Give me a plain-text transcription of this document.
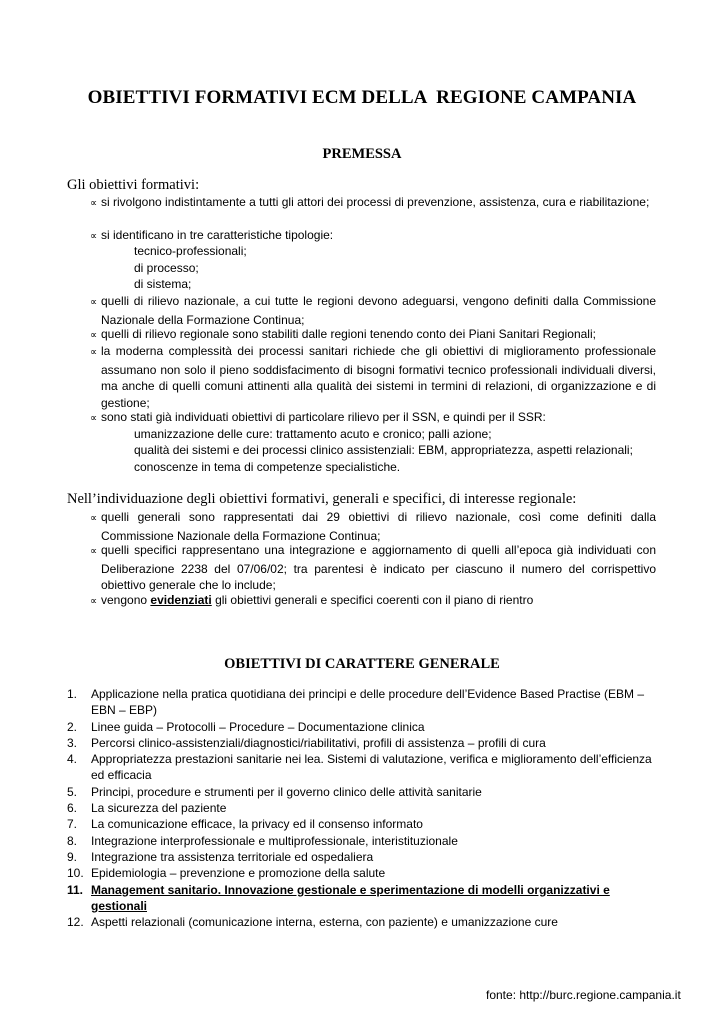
OBIETTIVI FORMATIVI ECM DELLA  REGIONE CAMPANIA
PREMESSA
Gli obiettivi formativi:
∝ si rivolgono indistintamente a tutti gli attori dei processi di prevenzione, assistenza, cura e riabilitazione;
∝ si identificano in tre caratteristiche tipologie:
tecnico-professionali;
di processo;
di sistema;
∝ quelli di rilievo nazionale, a cui tutte le regioni devono adeguarsi, vengono definiti dalla Commissione Nazionale della Formazione Continua;
∝ quelli di rilievo regionale sono stabiliti dalle regioni tenendo conto dei Piani Sanitari Regionali;
∝ la moderna complessità dei processi sanitari richiede che gli obiettivi di miglioramento professionale assumano non solo il pieno soddisfacimento di bisogni formativi tecnico professionali individuali diversi, ma anche di quelli comuni attinenti alla qualità dei sistemi in termini di relazioni, di organizzazione e di gestione;
∝ sono stati già individuati obiettivi di particolare rilievo per il SSN, e quindi per il SSR:
umanizzazione delle cure: trattamento acuto e cronico; palli azione;
qualità dei sistemi e dei processi clinico assistenziali: EBM, appropriatezza, aspetti relazionali;
conoscenze in tema di competenze specialistiche.
Nell’individuazione degli obiettivi formativi, generali e specifici, di interesse regionale:
∝ quelli generali sono rappresentati dai 29 obiettivi di rilievo nazionale, così come definiti dalla Commissione Nazionale della Formazione Continua;
∝ quelli specifici rappresentano una integrazione e aggiornamento di quelli all’epoca già individuati con Deliberazione 2238 del 07/06/02; tra parentesi è indicato per ciascuno il numero del corrispettivo obiettivo generale che lo include;
∝ vengono evidenziati gli obiettivi generali e specifici coerenti con il piano di rientro
OBIETTIVI DI CARATTERE GENERALE
1. Applicazione nella pratica quotidiana dei principi e delle procedure dell’Evidence Based Practise (EBM – EBN – EBP)
2. Linee guida – Protocolli – Procedure – Documentazione clinica
3. Percorsi clinico-assistenziali/diagnostici/riabilitativi, profili di assistenza – profili di cura
4. Appropriatezza prestazioni sanitarie nei lea. Sistemi di valutazione, verifica e miglioramento dell’efficienza ed efficacia
5. Principi, procedure e strumenti per il governo clinico delle attività sanitarie
6. La sicurezza del paziente
7. La comunicazione efficace, la privacy ed il consenso informato
8. Integrazione interprofessionale e multiprofessionale, interistituzionale
9. Integrazione tra assistenza territoriale ed ospedaliera
10. Epidemiologia – prevenzione e promozione della salute
11. Management sanitario. Innovazione gestionale e sperimentazione di modelli organizzativi e gestionali
12. Aspetti relazionali (comunicazione interna, esterna, con paziente) e umanizzazione cure
fonte: http://burc.regione.campania.it
